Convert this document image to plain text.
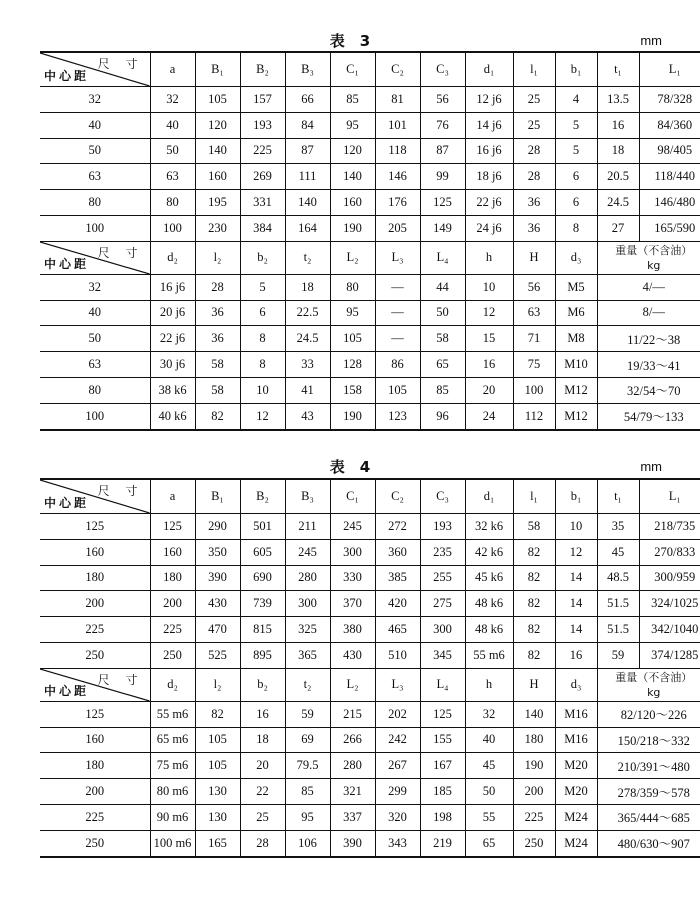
表　3	mm
尺 寸
中心距	a	B₁	B₂	B₃	C₁	C₂	C₃	d₁	l₁	b₁	t₁	L₁
32	32	105	157	66	85	81	56	12 j6	25	4	13.5	78/328
40	40	120	193	84	95	101	76	14 j6	25	5	16	84/360
50	50	140	225	87	120	118	87	16 j6	28	5	18	98/405
63	63	160	269	111	140	146	99	18 j6	28	6	20.5	118/440
80	80	195	331	140	160	176	125	22 j6	36	6	24.5	146/480
100	100	230	384	164	190	205	149	24 j6	36	8	27	165/590

尺 寸
中心距	d₂	l₂	b₂	t₂	L₂	L₃	L₄	h	H	d₃	重量（不含油）
kg	

32	16 j6	28	5	18	80	—	44	10	56	M5	4/—	
40	20 j6	36	6	22.5	95	—	50	12	63	M6	8/—	
50	22 j6	36	8	24.5	105	—	58	15	71	M8	11/22～38	
63	30 j6	58	8	33	128	86	65	16	75	M10	19/33～41	
80	38 k6	58	10	41	158	105	85	20	100	M12	32/54～70	
100	40 k6	82	12	43	190	123	96	24	112	M12	54/79～133	
表　4	mm
尺 寸
中心距	a	B₁	B₂	B₃	C₁	C₂	C₃	d₁	l₁	b₁	t₁	L₁
125	125	290	501	211	245	272	193	32 k6	58	10	35	218/735
160	160	350	605	245	300	360	235	42 k6	82	12	45	270/833
180	180	390	690	280	330	385	255	45 k6	82	14	48.5	300/959
200	200	430	739	300	370	420	275	48 k6	82	14	51.5	324/1025
225	225	470	815	325	380	465	300	48 k6	82	14	51.5	342/1040
250	250	525	895	365	430	510	345	55 m6	82	16	59	374/1285

尺 寸
中心距	d₂	l₂	b₂	t₂	L₂	L₃	L₄	h	H	d₃	重量（不含油）
kg	

125	55 m6	82	16	59	215	202	125	32	140	M16	82/120～226	
160	65 m6	105	18	69	266	242	155	40	180	M16	150/218～332	
180	75 m6	105	20	79.5	280	267	167	45	190	M20	210/391～480	
200	80 m6	130	22	85	321	299	185	50	200	M20	278/359～578	
225	90 m6	130	25	95	337	320	198	55	225	M24	365/444～685	
250	100 m6	165	28	106	390	343	219	65	250	M24	480/630～907	
